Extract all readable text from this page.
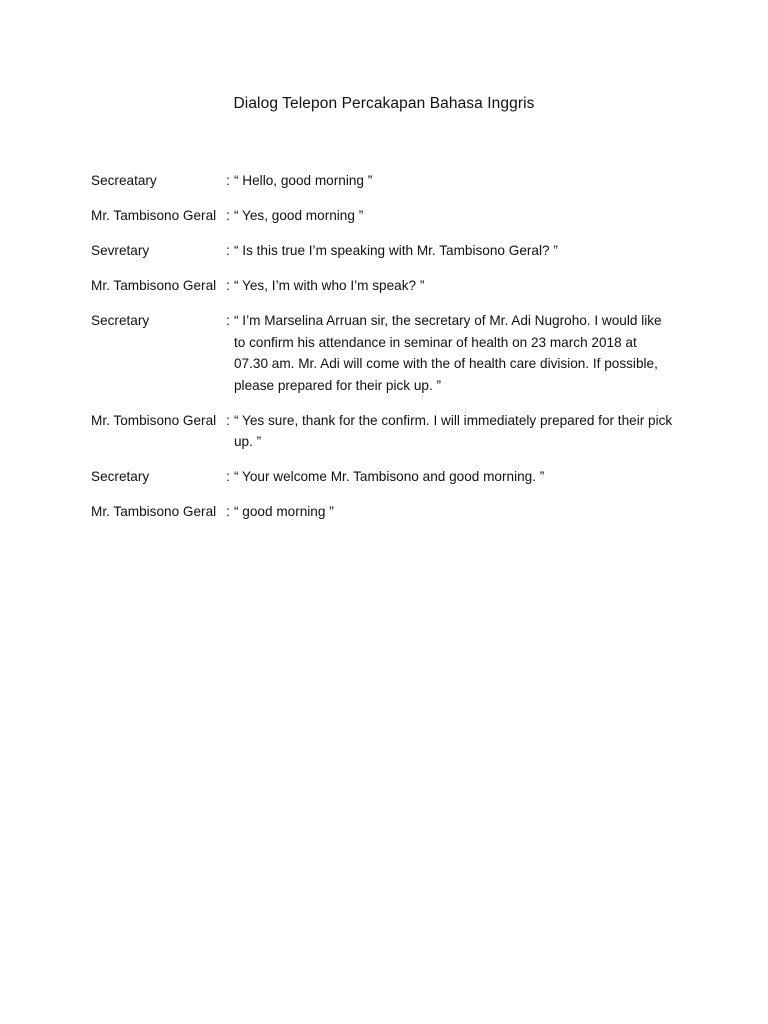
Dialog Telepon Percakapan Bahasa Inggris
Secreatary	: “ Hello, good morning ”
Mr. Tambisono Geral : “ Yes, good morning ”
Sevretary	: “ Is this true I’m speaking with Mr. Tambisono Geral? ”
Mr. Tambisono Geral : “ Yes, I’m with who I’m speak? ”
Secretary	: “ I’m Marselina Arruan sir, the secretary of Mr. Adi Nugroho. I would like to confirm his attendance in seminar of health on 23 march 2018 at 07.30 am. Mr. Adi will come with the of health care division. If possible, please prepared for their pick up. ”
Mr. Tombisono Geral : “ Yes sure, thank for the confirm. I will immediately prepared for their pick up. ”
Secretary	: “ Your welcome Mr. Tambisono and good morning. ”
Mr. Tambisono Geral : “ good morning ”
